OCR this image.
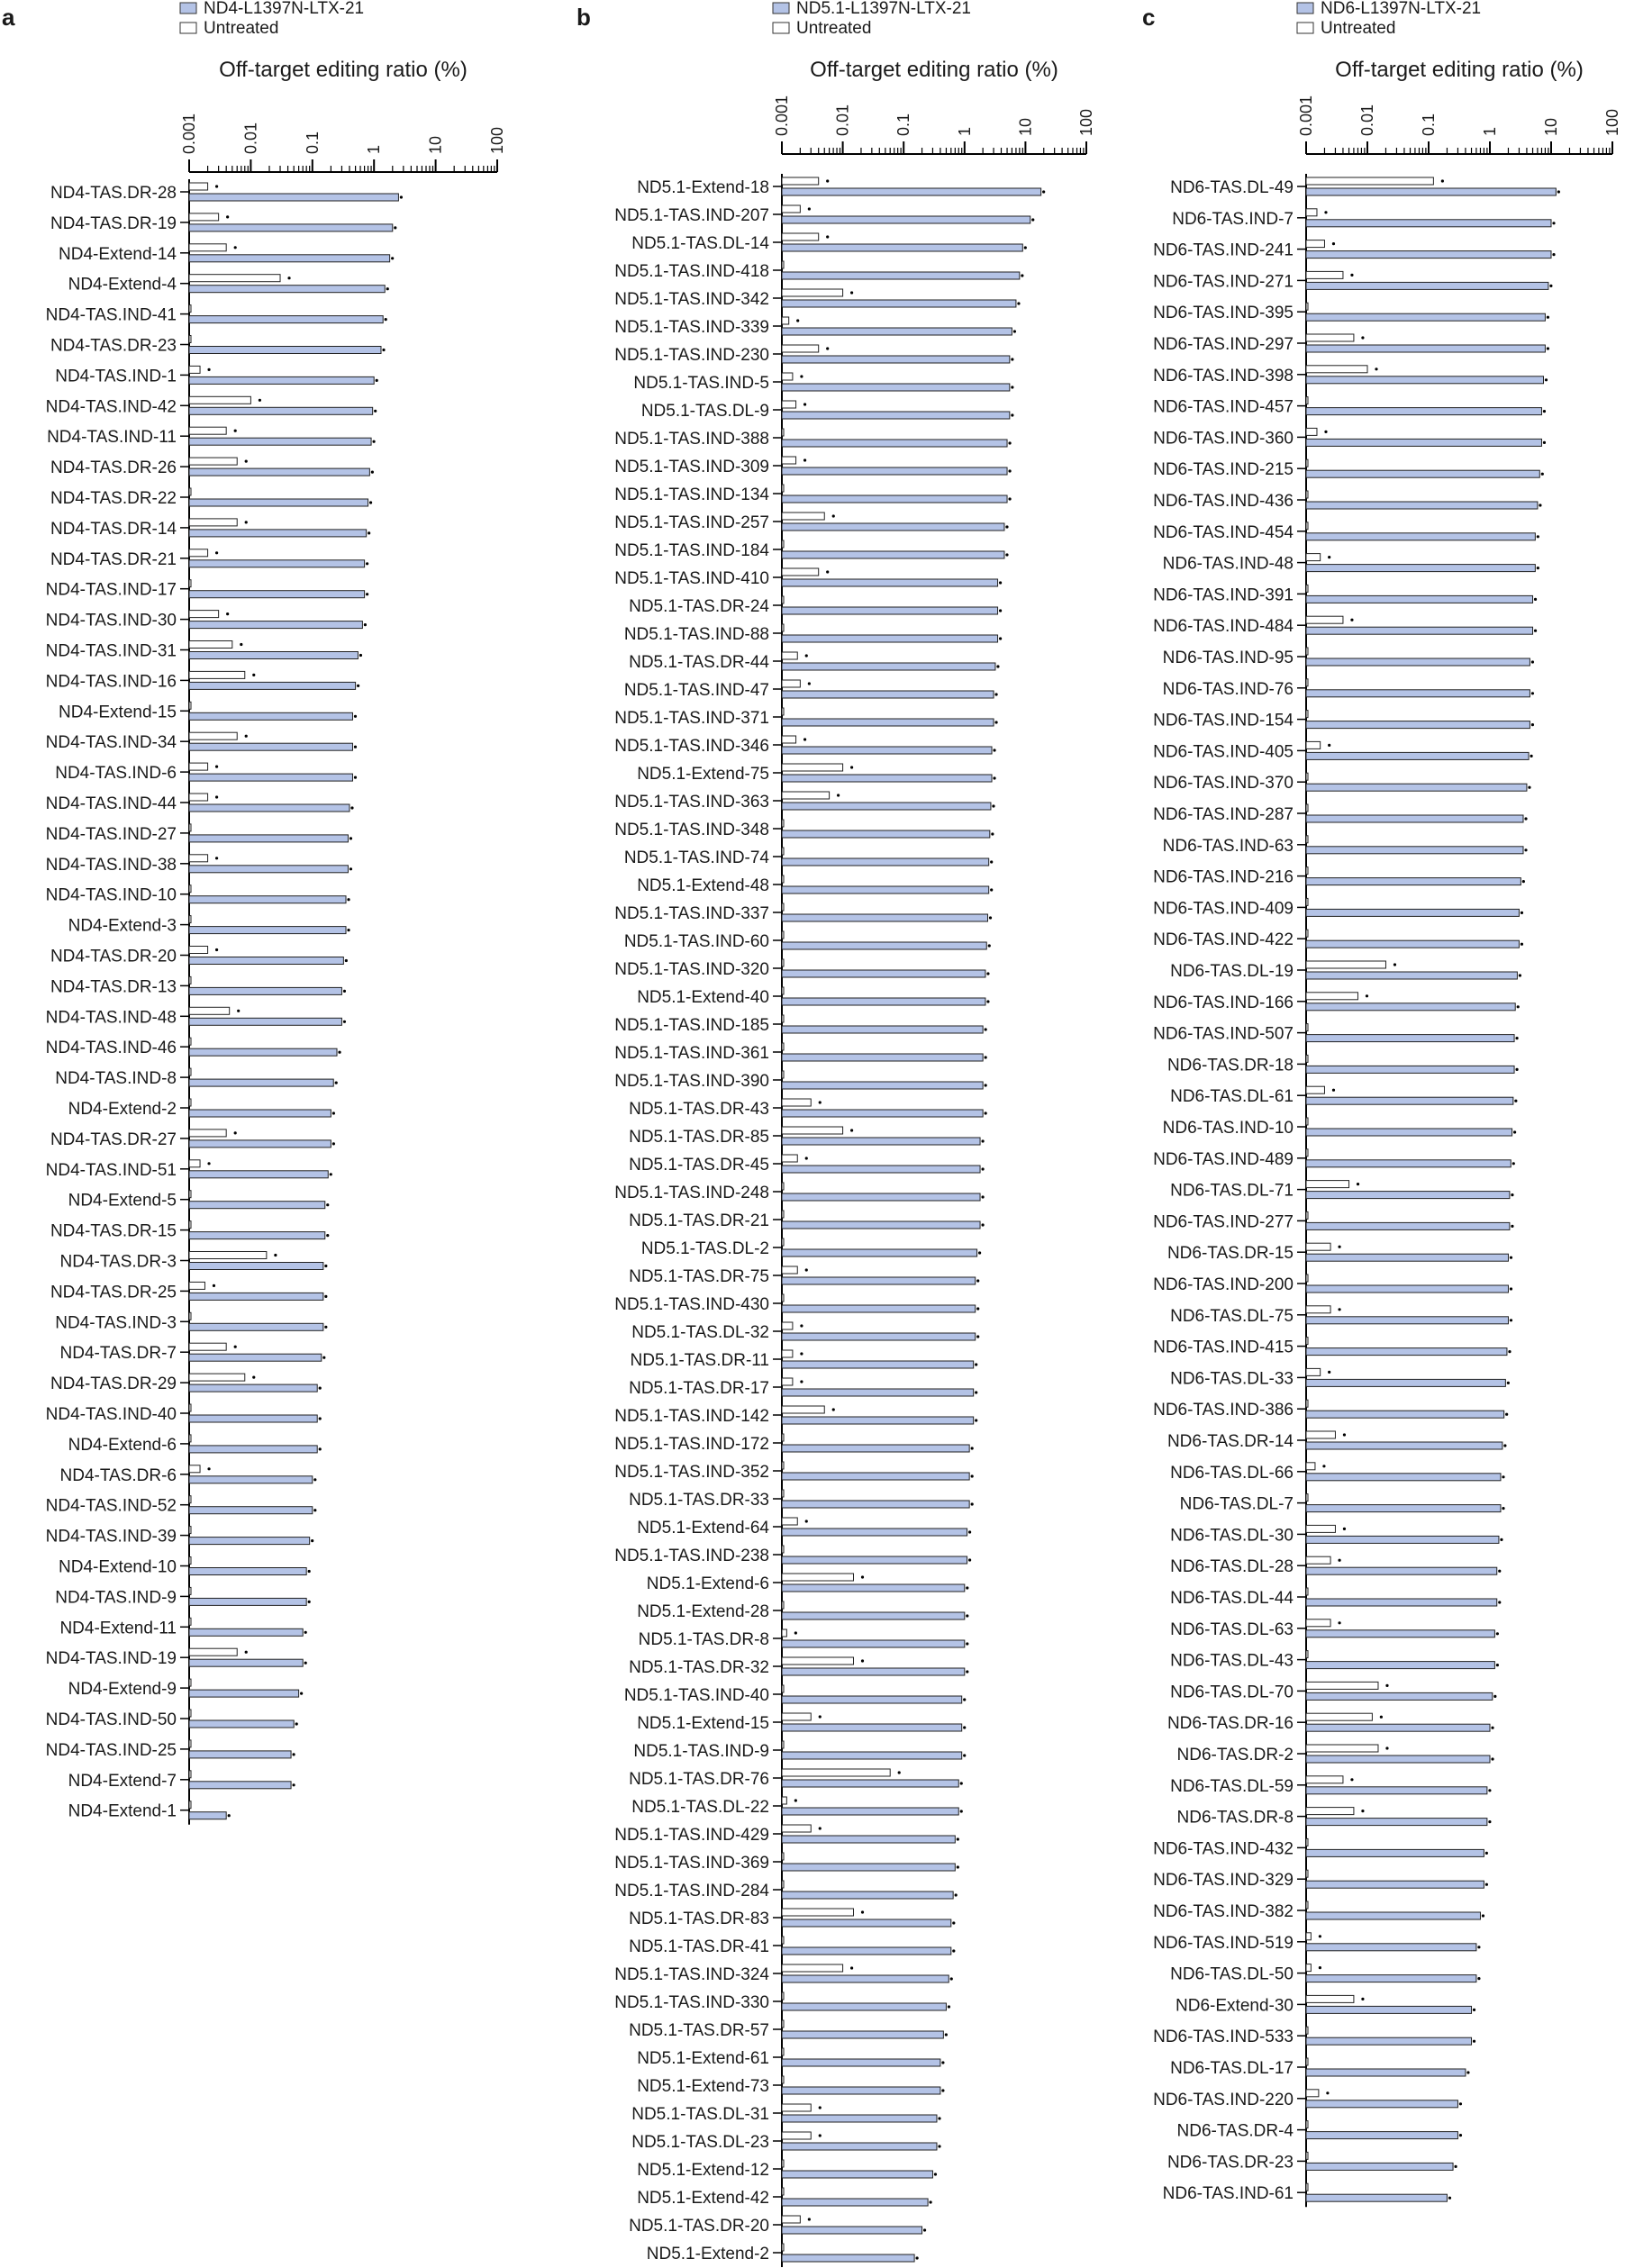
a	ND4-L1397N-LTX-21
Untreated
Off-target editing ratio (%)
0.001	0.01	0.1	1	10	100
ND4-TAS.DR-28
ND4-TAS.DR-19
ND4-Extend-14
ND4-Extend-4
ND4-TAS.IND-41
ND4-TAS.DR-23
ND4-TAS.IND-1
ND4-TAS.IND-42
ND4-TAS.IND-11
ND4-TAS.DR-26
ND4-TAS.DR-22
ND4-TAS.DR-14
ND4-TAS.DR-21
ND4-TAS.IND-17
ND4-TAS.IND-30
ND4-TAS.IND-31
ND4-TAS.IND-16
ND4-Extend-15
ND4-TAS.IND-34
ND4-TAS.IND-6
ND4-TAS.IND-44
ND4-TAS.IND-27
ND4-TAS.IND-38
ND4-TAS.IND-10
ND4-Extend-3
ND4-TAS.DR-20
ND4-TAS.DR-13
ND4-TAS.IND-48
ND4-TAS.IND-46
ND4-TAS.IND-8
ND4-Extend-2
ND4-TAS.DR-27
ND4-TAS.IND-51
ND4-Extend-5
ND4-TAS.DR-15
ND4-TAS.DR-3
ND4-TAS.DR-25
ND4-TAS.IND-3
ND4-TAS.DR-7
ND4-TAS.DR-29
ND4-TAS.IND-40
ND4-Extend-6
ND4-TAS.DR-6
ND4-TAS.IND-52
ND4-TAS.IND-39
ND4-Extend-10
ND4-TAS.IND-9
ND4-Extend-11
ND4-TAS.IND-19
ND4-Extend-9
ND4-TAS.IND-50
ND4-TAS.IND-25
ND4-Extend-7
ND4-Extend-1
b	ND5.1-L1397N-LTX-21
Untreated
Off-target editing ratio (%)
0.001	0.01	0.1	1	10	100
ND5.1-Extend-18
ND5.1-TAS.IND-207
ND5.1-TAS.DL-14
ND5.1-TAS.IND-418
ND5.1-TAS.IND-342
ND5.1-TAS.IND-339
ND5.1-TAS.IND-230
ND5.1-TAS.IND-5
ND5.1-TAS.DL-9
ND5.1-TAS.IND-388
ND5.1-TAS.IND-309
ND5.1-TAS.IND-134
ND5.1-TAS.IND-257
ND5.1-TAS.IND-184
ND5.1-TAS.IND-410
ND5.1-TAS.DR-24
ND5.1-TAS.IND-88
ND5.1-TAS.DR-44
ND5.1-TAS.IND-47
ND5.1-TAS.IND-371
ND5.1-TAS.IND-346
ND5.1-Extend-75
ND5.1-TAS.IND-363
ND5.1-TAS.IND-348
ND5.1-TAS.IND-74
ND5.1-Extend-48
ND5.1-TAS.IND-337
ND5.1-TAS.IND-60
ND5.1-TAS.IND-320
ND5.1-Extend-40
ND5.1-TAS.IND-185
ND5.1-TAS.IND-361
ND5.1-TAS.IND-390
ND5.1-TAS.DR-43
ND5.1-TAS.DR-85
ND5.1-TAS.DR-45
ND5.1-TAS.IND-248
ND5.1-TAS.DR-21
ND5.1-TAS.DL-2
ND5.1-TAS.DR-75
ND5.1-TAS.IND-430
ND5.1-TAS.DL-32
ND5.1-TAS.DR-11
ND5.1-TAS.DR-17
ND5.1-TAS.IND-142
ND5.1-TAS.IND-172
ND5.1-TAS.IND-352
ND5.1-TAS.DR-33
ND5.1-Extend-64
ND5.1-TAS.IND-238
ND5.1-Extend-6
ND5.1-Extend-28
ND5.1-TAS.DR-8
ND5.1-TAS.DR-32
ND5.1-TAS.IND-40
ND5.1-Extend-15
ND5.1-TAS.IND-9
ND5.1-TAS.DR-76
ND5.1-TAS.DL-22
ND5.1-TAS.IND-429
ND5.1-TAS.IND-369
ND5.1-TAS.IND-284
ND5.1-TAS.DR-83
ND5.1-TAS.DR-41
ND5.1-TAS.IND-324
ND5.1-TAS.IND-330
ND5.1-TAS.DR-57
ND5.1-Extend-61
ND5.1-Extend-73
ND5.1-TAS.DL-31
ND5.1-TAS.DL-23
ND5.1-Extend-12
ND5.1-Extend-42
ND5.1-TAS.DR-20
ND5.1-Extend-2
c	ND6-L1397N-LTX-21
Untreated
Off-target editing ratio (%)
0.001	0.01	0.1	1	10	100
ND6-TAS.DL-49
ND6-TAS.IND-7
ND6-TAS.IND-241
ND6-TAS.IND-271
ND6-TAS.IND-395
ND6-TAS.IND-297
ND6-TAS.IND-398
ND6-TAS.IND-457
ND6-TAS.IND-360
ND6-TAS.IND-215
ND6-TAS.IND-436
ND6-TAS.IND-454
ND6-TAS.IND-48
ND6-TAS.IND-391
ND6-TAS.IND-484
ND6-TAS.IND-95
ND6-TAS.IND-76
ND6-TAS.IND-154
ND6-TAS.IND-405
ND6-TAS.IND-370
ND6-TAS.IND-287
ND6-TAS.IND-63
ND6-TAS.IND-216
ND6-TAS.IND-409
ND6-TAS.IND-422
ND6-TAS.DL-19
ND6-TAS.IND-166
ND6-TAS.IND-507
ND6-TAS.DR-18
ND6-TAS.DL-61
ND6-TAS.IND-10
ND6-TAS.IND-489
ND6-TAS.DL-71
ND6-TAS.IND-277
ND6-TAS.DR-15
ND6-TAS.IND-200
ND6-TAS.DL-75
ND6-TAS.IND-415
ND6-TAS.DL-33
ND6-TAS.IND-386
ND6-TAS.DR-14
ND6-TAS.DL-66
ND6-TAS.DL-7
ND6-TAS.DL-30
ND6-TAS.DL-28
ND6-TAS.DL-44
ND6-TAS.DL-63
ND6-TAS.DL-43
ND6-TAS.DL-70
ND6-TAS.DR-16
ND6-TAS.DR-2
ND6-TAS.DL-59
ND6-TAS.DR-8
ND6-TAS.IND-432
ND6-TAS.IND-329
ND6-TAS.IND-382
ND6-TAS.IND-519
ND6-TAS.DL-50
ND6-Extend-30
ND6-TAS.IND-533
ND6-TAS.DL-17
ND6-TAS.IND-220
ND6-TAS.DR-4
ND6-TAS.DR-23
ND6-TAS.IND-61
